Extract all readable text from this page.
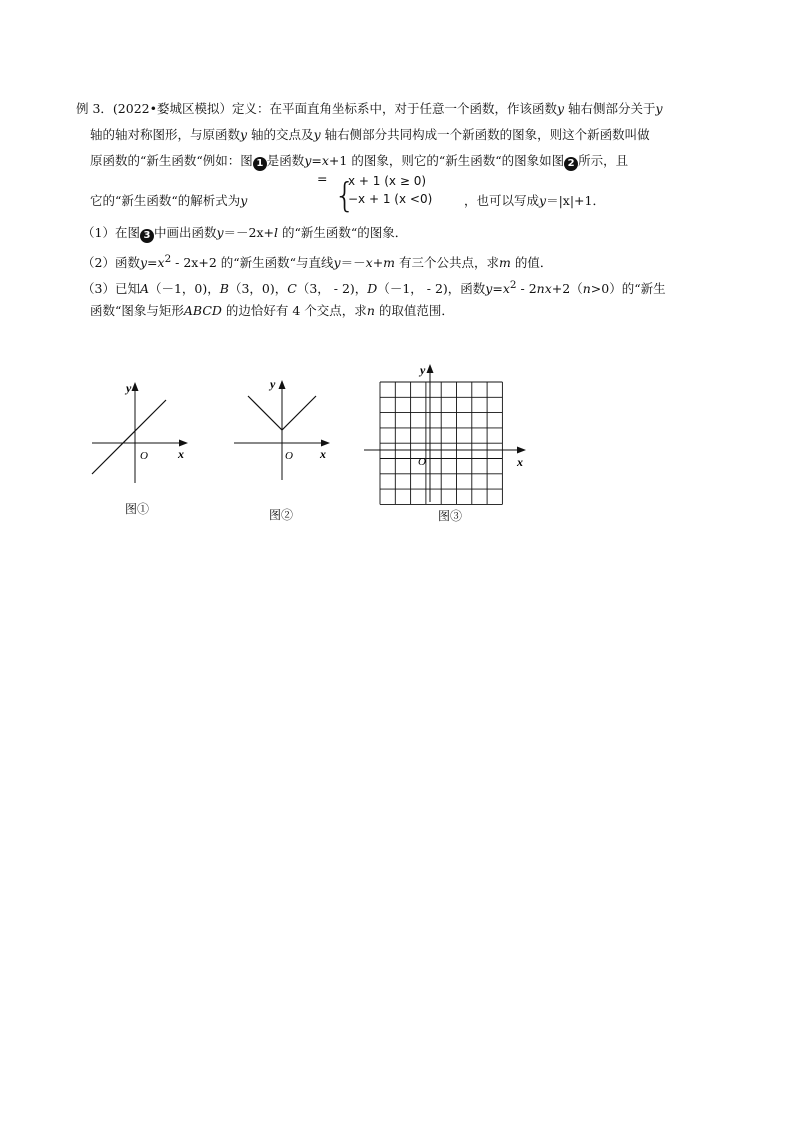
例 3．(2022•婺城区模拟）定义：在平面直角坐标系中，对于任意一个函数，作该函数y 轴右侧部分关于y
轴的轴对称图形，与原函数y 轴的交点及y 轴右侧部分共同构成一个新函数的图象，则这个新函数叫做
原函数的“新生函数“例如：图 1 是函数y=x+1 的图象，则它的“新生函数“的图象如图 2 所示，且
它的“新生函数“的解析式为y
= {
x + 1 (x ≥ 0)
−x + 1 (x <0)	，也可以写成y＝|x|+1．
（1）在图 3 中画出函数y＝－2x+l 的“新生函数“的图象．
（2）函数$y=x^2 - 2x+2$ 的“新生函数“与直线y＝－x+m 有三个公共点，求m 的值．
（3）已知A（－1，0)，B（3，0)，C（3， - 2)，D（－1， - 2)，函数$y=x^2 - 2nx+2(n>0)$的“新生
函数“图象与矩形ABCD 的边恰好有 4 个交点，求n 的取值范围．
y
x
O
图①
y
x
O
图②
y
x
O
图③
